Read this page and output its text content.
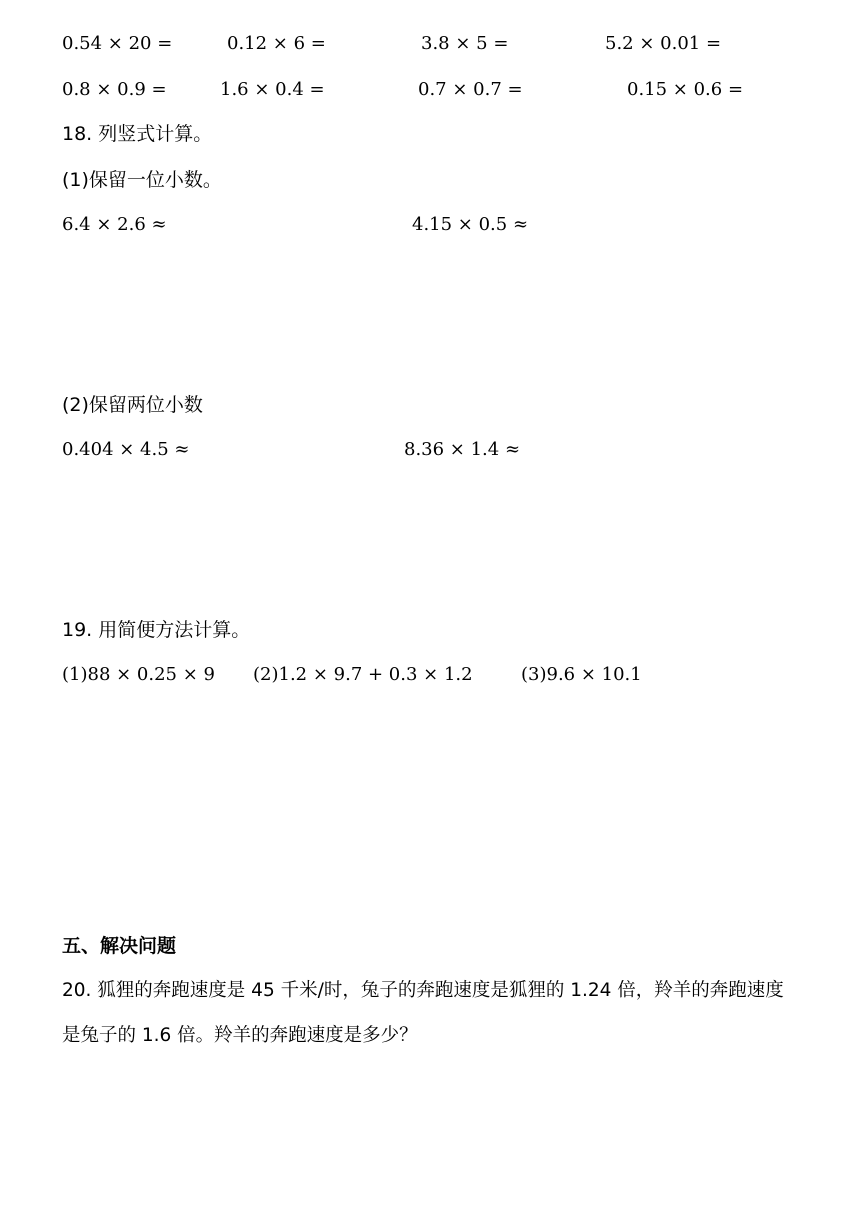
0.54 × 20 =	0.12 × 6 =	3.8 × 5 =	5.2 × 0.01 =
0.8 × 0.9 =	1.6 × 0.4 =	0.7 × 0.7 =	0.15 × 0.6 =
18. 列竖式计算。
(1)保留一位小数。
6.4 × 2.6 ≈	4.15 × 0.5 ≈
(2)保留两位小数
0.404 × 4.5 ≈	8.36 × 1.4 ≈
19. 用简便方法计算。
(1)88 × 0.25 × 9 (2)1.2 × 9.7 + 0.3 × 1.2	(3)9.6 × 10.1
五、解决问题
20. 狐狸的奔跑速度是 45 千米/时，兔子的奔跑速度是狐狸的 1.24 倍，羚羊的奔跑速度
是兔子的 1.6 倍。羚羊的奔跑速度是多少？
